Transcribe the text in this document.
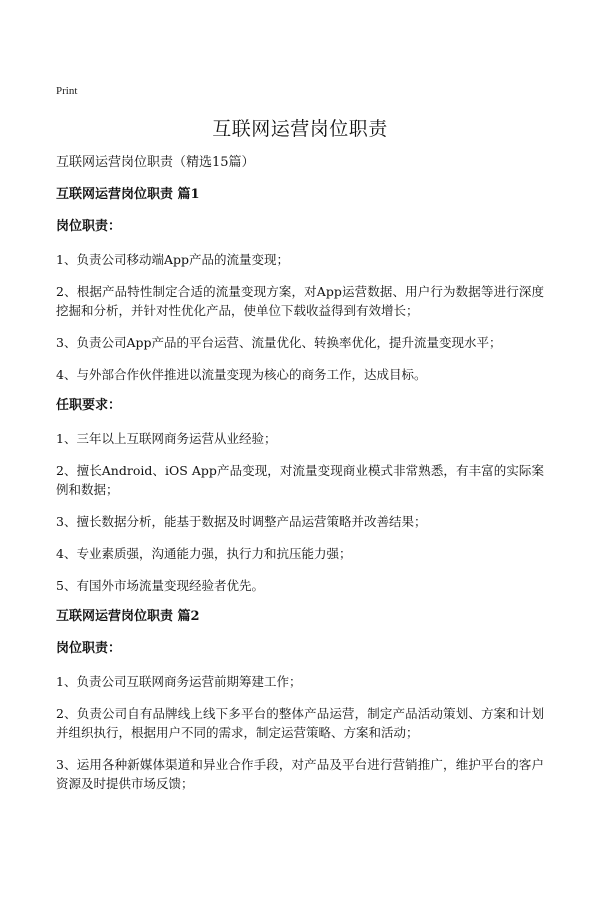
Print
互联网运营岗位职责

互联网运营岗位职责（精选15篇）

互联网运营岗位职责 篇1

岗位职责：

1、负责公司移动端App产品的流量变现；

2、根据产品特性制定合适的流量变现方案，对App运营数据、用户行为数据等进行深度挖掘和分析，并针对性优化产品，使单位下载收益得到有效增长；

3、负责公司App产品的平台运营、流量优化、转换率优化，提升流量变现水平；

4、与外部合作伙伴推进以流量变现为核心的商务工作，达成目标。

任职要求：

1、三年以上互联网商务运营从业经验；

2、擅长Android、iOS App产品变现，对流量变现商业模式非常熟悉，有丰富的实际案例和数据；

3、擅长数据分析，能基于数据及时调整产品运营策略并改善结果；

4、专业素质强，沟通能力强，执行力和抗压能力强；

5、有国外市场流量变现经验者优先。

互联网运营岗位职责 篇2

岗位职责：

1、负责公司互联网商务运营前期筹建工作；

2、负责公司自有品牌线上线下多平台的整体产品运营，制定产品活动策划、方案和计划并组织执行，根据用户不同的需求，制定运营策略、方案和活动；

3、运用各种新媒体渠道和异业合作手段，对产品及平台进行营销推广，维护平台的客户资源及时提供市场反馈；
